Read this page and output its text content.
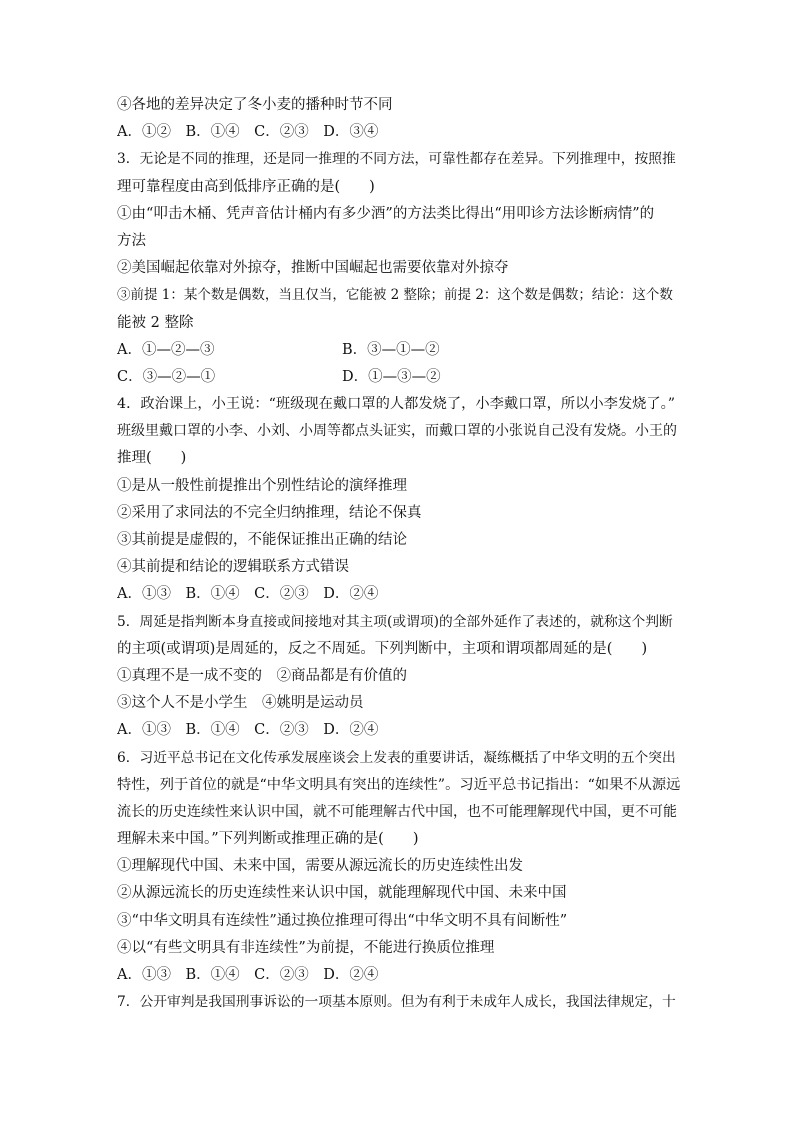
④各地的差异决定了冬小麦的播种时节不同
A．①②　B．①④　C．②③　D．③④
3．无论是不同的推理，还是同一推理的不同方法，可靠性都存在差异。下列推理中，按照推
理可靠程度由高到低排序正确的是(　　)
①由“叩击木桶、凭声音估计桶内有多少酒”的方法类比得出“用叩诊方法诊断病情”的
方法
②美国崛起依靠对外掠夺，推断中国崛起也需要依靠对外掠夺
③前提 1：某个数是偶数，当且仅当，它能被 2 整除；前提 2：这个数是偶数；结论：这个数
能被 2 整除
A．①—②—③	B．③—①—②
C．③—②—①	D．①—③—②
4．政治课上，小王说：“班级现在戴口罩的人都发烧了，小李戴口罩，所以小李发烧了。”
班级里戴口罩的小李、小刘、小周等都点头证实，而戴口罩的小张说自己没有发烧。小王的
推理(　　)
①是从一般性前提推出个别性结论的演绎推理
②采用了求同法的不完全归纳推理，结论不保真
③其前提是虚假的，不能保证推出正确的结论
④其前提和结论的逻辑联系方式错误
A．①③　B．①④　C．②③　D．②④
5．周延是指判断本身直接或间接地对其主项(或谓项)的全部外延作了表述的，就称这个判断
的主项(或谓项)是周延的，反之不周延。下列判断中，主项和谓项都周延的是(　　)
①真理不是一成不变的　②商品都是有价值的
③这个人不是小学生　④姚明是运动员
A．①③　B．①④　C．②③　D．②④
6．习近平总书记在文化传承发展座谈会上发表的重要讲话，凝练概括了中华文明的五个突出
特性，列于首位的就是“中华文明具有突出的连续性”。习近平总书记指出：“如果不从源远
流长的历史连续性来认识中国，就不可能理解古代中国，也不可能理解现代中国，更不可能
理解未来中国。”下列判断或推理正确的是(　　)
①理解现代中国、未来中国，需要从源远流长的历史连续性出发
②从源远流长的历史连续性来认识中国，就能理解现代中国、未来中国
③“中华文明具有连续性”通过换位推理可得出“中华文明不具有间断性”
④以“有些文明具有非连续性”为前提，不能进行换质位推理
A．①③　B．①④　C．②③　D．②④
7．公开审判是我国刑事诉讼的一项基本原则。但为有利于未成年人成长，我国法律规定，十
